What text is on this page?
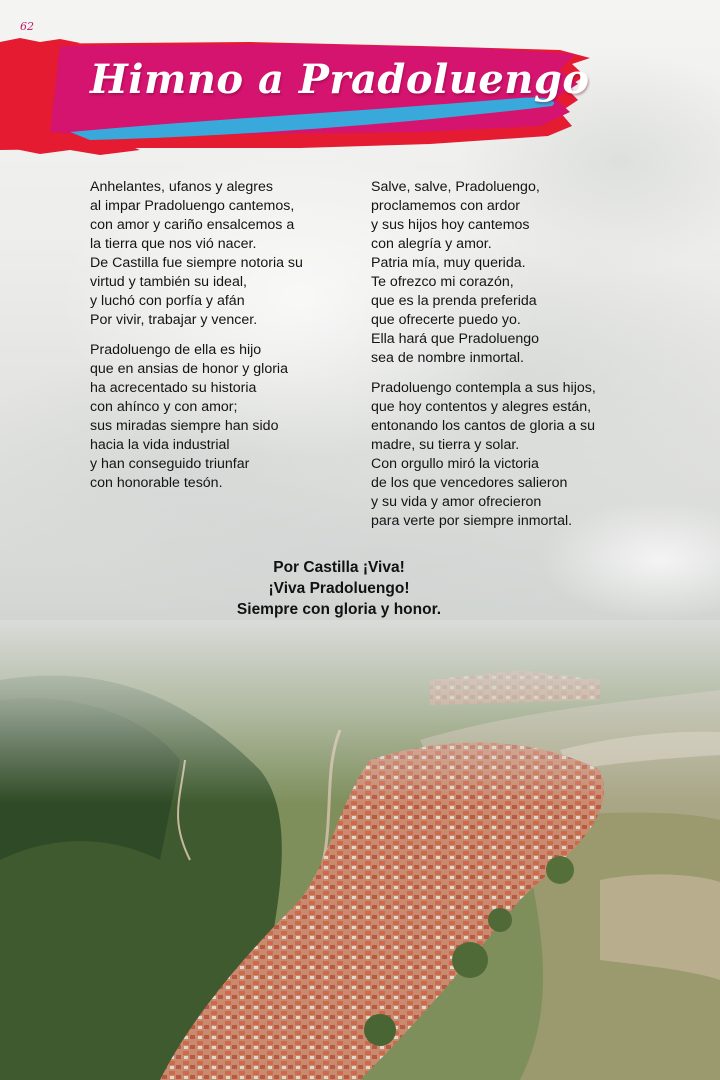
62
Himno a Pradoluengo
Anhelantes, ufanos y alegres
al impar Pradoluengo cantemos,
con amor y cariño ensalcemos a
la tierra que nos vió nacer.
De Castilla fue siempre notoria su
virtud y también su ideal,
y luchó con porfía y afán
Por vivir, trabajar y vencer.
Pradoluengo de ella es hijo
que en ansias de honor y gloria
ha acrecentado su historia
con ahínco y con amor;
sus miradas siempre han sido
hacia la vida industrial
y han conseguido triunfar
con honorable tesón.
Salve, salve, Pradoluengo,
proclamemos con ardor
y sus hijos hoy cantemos
con alegría y amor.
Patria mía, muy querida.
Te ofrezco mi corazón,
que es la prenda preferida
que ofrecerte puedo yo.
Ella hará que Pradoluengo
sea de nombre inmortal.
Pradoluengo contempla a sus hijos,
que hoy contentos y alegres están,
entonando los cantos de gloria a su
madre, su tierra y solar.
Con orgullo miró la victoria
de los que vencedores salieron
y su vida y amor ofrecieron
para verte por siempre inmortal.
Por Castilla ¡Viva!
¡Viva Pradoluengo!
Siempre con gloria y honor.
